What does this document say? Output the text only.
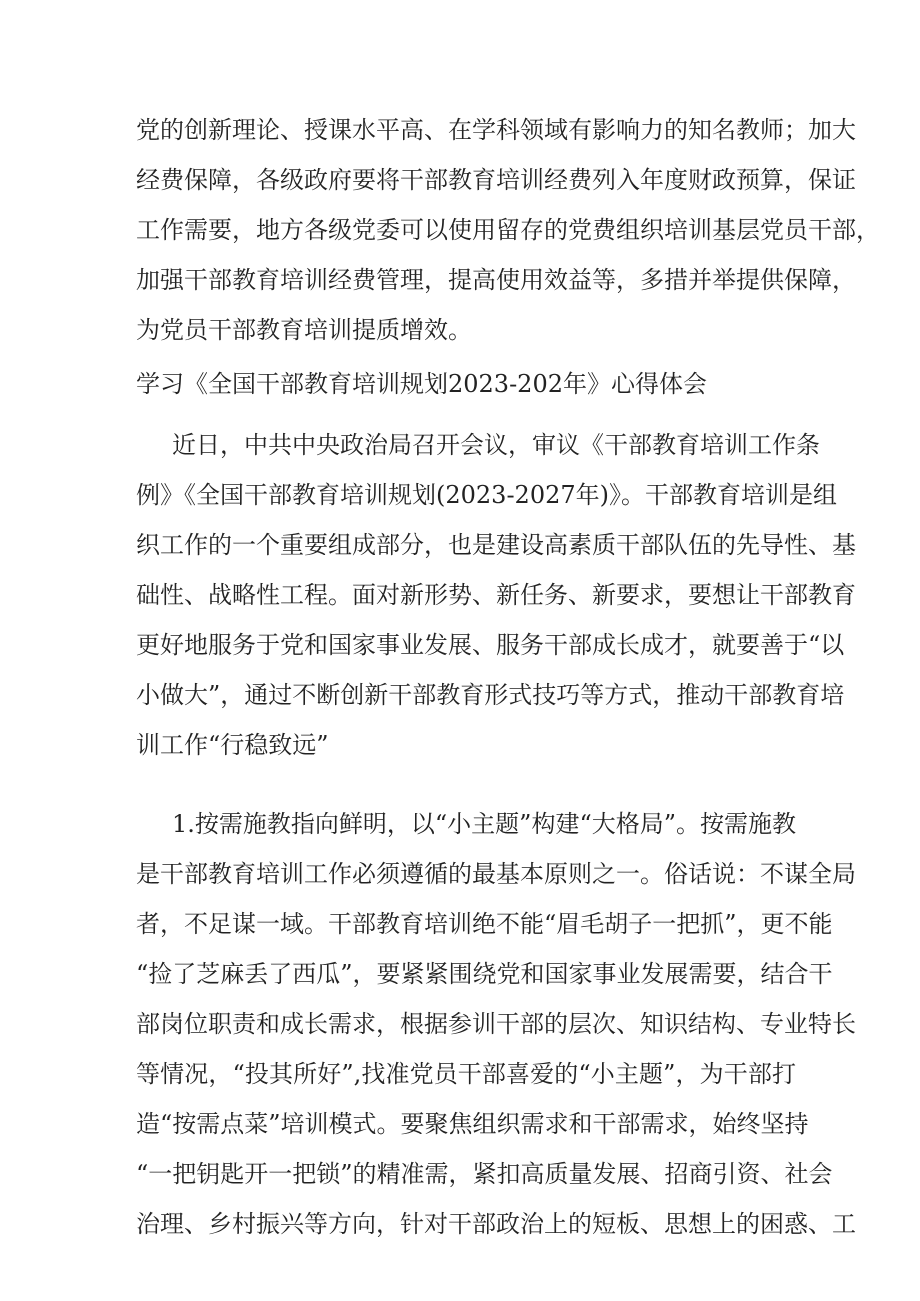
党的创新理论、授课水平高、在学科领域有影响力的知名教师；加大
经费保障，各级政府要将干部教育培训经费列入年度财政预算，保证
工作需要，地方各级党委可以使用留存的党费组织培训基层党员干部，
加强干部教育培训经费管理，提高使用效益等，多措并举提供保障，
为党员干部教育培训提质增效。
学习《全国干部教育培训规划2023-202年》心得体会
近日，中共中央政治局召开会议，审议《干部教育培训工作条
例》《全国干部教育培训规划(2023-2027年)》。干部教育培训是组
织工作的一个重要组成部分，也是建设高素质干部队伍的先导性、基
础性、战略性工程。面对新形势、新任务、新要求，要想让干部教育
更好地服务于党和国家事业发展、服务干部成长成才，就要善于“以
小做大”，通过不断创新干部教育形式技巧等方式，推动干部教育培
训工作“行稳致远”
1.按需施教指向鲜明，以“小主题”构建“大格局”。按需施教
是干部教育培训工作必须遵循的最基本原则之一。俗话说：不谋全局
者，不足谋一域。干部教育培训绝不能“眉毛胡子一把抓”，更不能
“捡了芝麻丢了西瓜”，要紧紧围绕党和国家事业发展需要，结合干
部岗位职责和成长需求，根据参训干部的层次、知识结构、专业特长
等情况，“投其所好”,找准党员干部喜爱的“小主题”，为干部打
造“按需点菜”培训模式。要聚焦组织需求和干部需求，始终坚持
“一把钥匙开一把锁”的精准需，紧扣高质量发展、招商引资、社会
治理、乡村振兴等方向，针对干部政治上的短板、思想上的困惑、工
